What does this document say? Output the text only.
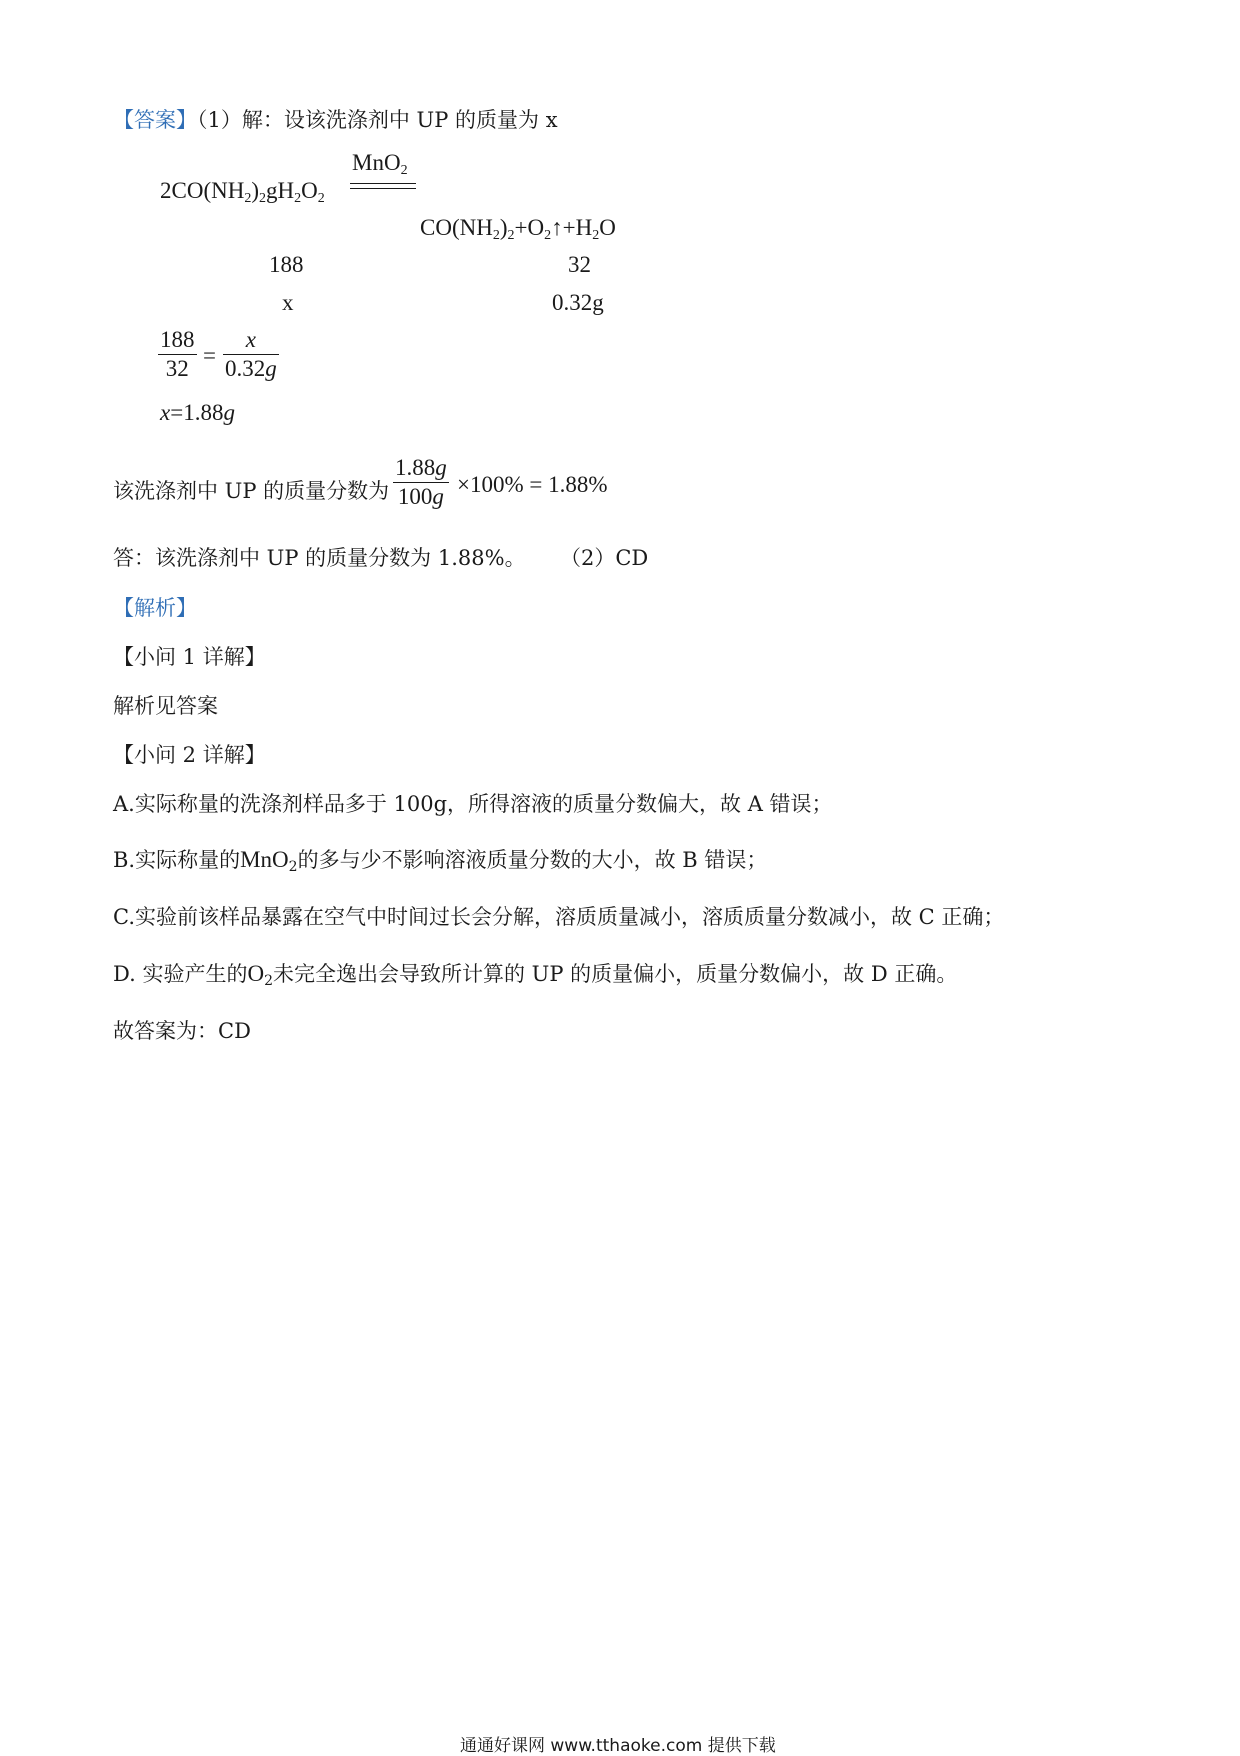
【答案】（1）解：设该洗涤剂中 UP 的质量为 x
MnO$_2$
$2CO(NH_2)_2gH_2O_2$
$CO(NH_2)_2+O_2↑+H_2O$
188	32
x	0.32g
188
32
=
x
0.32g
x=1.88g
该洗涤剂中 UP 的质量分数为
1.88g
100g ×100% = 1.88%
答：该洗涤剂中 UP 的质量分数为 1.88%。 （2）CD
【解析】
【小问 1 详解】
解析见答案
【小问 2 详解】
A.实际称量的洗涤剂样品多于 100g，所得溶液的质量分数偏大，故 A 错误；
B.实际称量的MnO$_2$的多与少不影响溶液质量分数的大小，故 B 错误；
C.实验前该样品暴露在空气中时间过长会分解，溶质质量减小，溶质质量分数减小，故 C 正确；
D. 实验产生的$O_2$未完全逸出会导致所计算的 UP 的质量偏小，质量分数偏小，故 D 正确。
故答案为：CD
通通好课网 www.tthaoke.com 提供下载
